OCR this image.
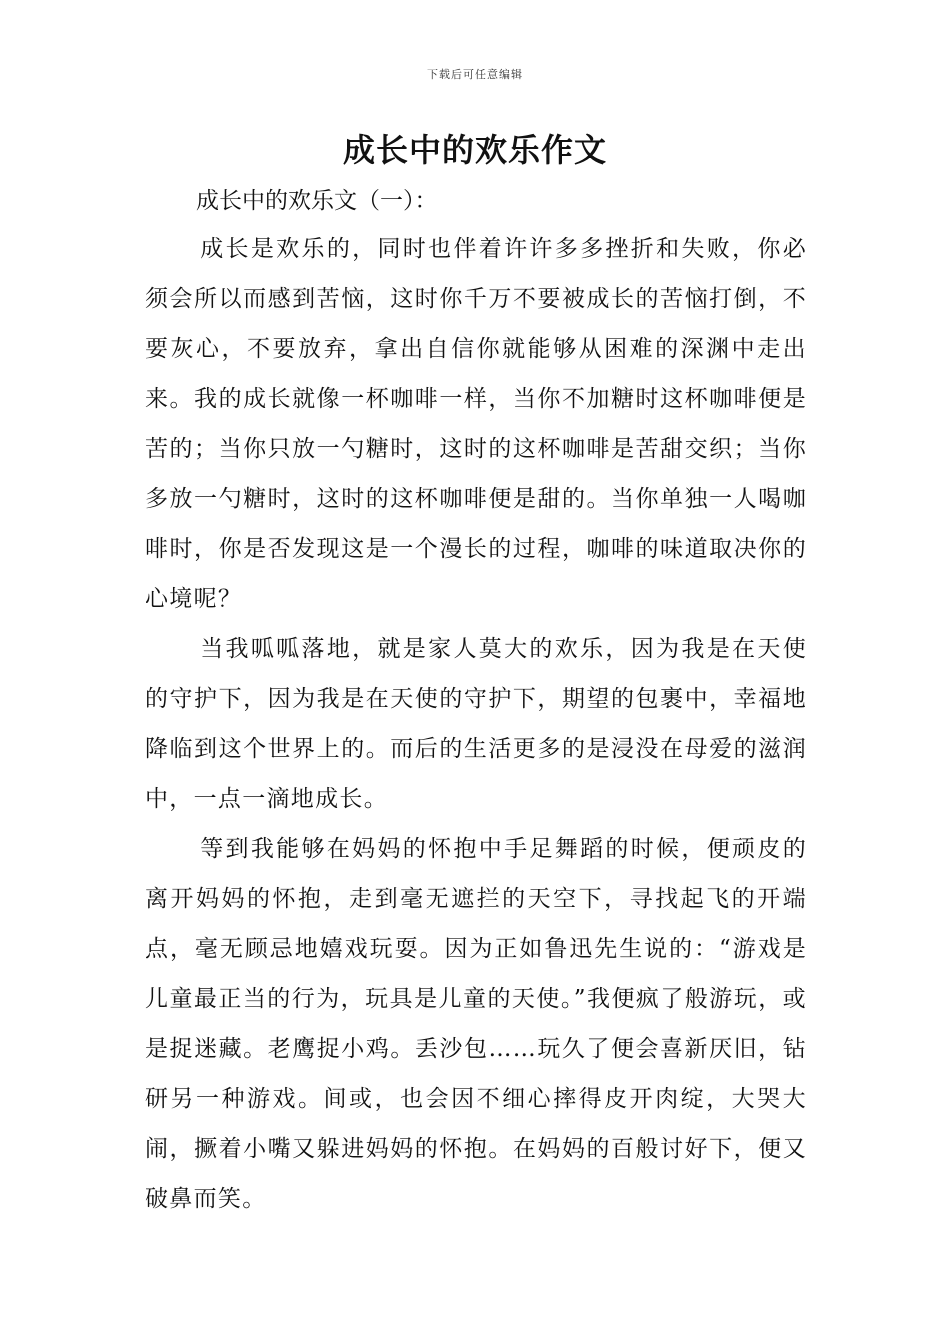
下载后可任意编辑
成长中的欢乐作文
成长中的欢乐文（一）：

成长是欢乐的，同时也伴着许许多多挫折和失败，你必须会所以而感到苦恼，这时你千万不要被成长的苦恼打倒，不要灰心，不要放弃，拿出自信你就能够从困难的深渊中走出来。我的成长就像一杯咖啡一样，当你不加糖时这杯咖啡便是苦的；当你只放一勺糖时，这时的这杯咖啡是苦甜交织；当你多放一勺糖时，这时的这杯咖啡便是甜的。当你单独一人喝咖啡时，你是否发现这是一个漫长的过程，咖啡的味道取决你的心境呢？

当我呱呱落地，就是家人莫大的欢乐，因为我是在天使的守护下，因为我是在天使的守护下，期望的包裹中，幸福地降临到这个世界上的。而后的生活更多的是浸没在母爱的滋润中，一点一滴地成长。

等到我能够在妈妈的怀抱中手足舞蹈的时候，便顽皮的离开妈妈的怀抱，走到毫无遮拦的天空下，寻找起飞的开端点，毫无顾忌地嬉戏玩耍。因为正如鲁迅先生说的：“游戏是儿童最正当的行为，玩具是儿童的天使。”我便疯了般游玩，或是捉迷藏。老鹰捉小鸡。丢沙包……玩久了便会喜新厌旧，钻研另一种游戏。间或，也会因不细心摔得皮开肉绽，大哭大闹，撅着小嘴又躲进妈妈的怀抱。在妈妈的百般讨好下，便又破鼻而笑。
